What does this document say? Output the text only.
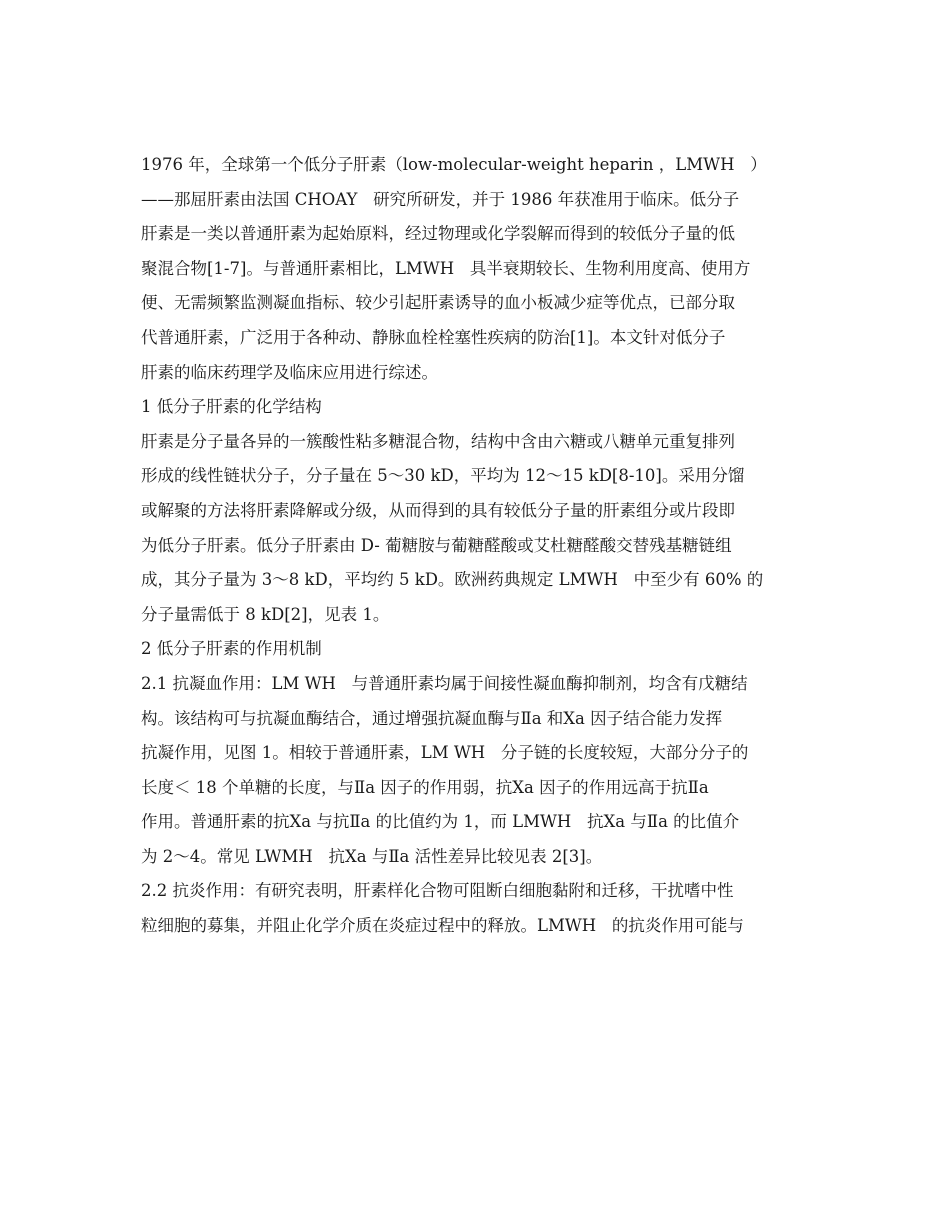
1976 年，全球第一个低分子肝素（low-molecular-weight heparin ，LMWH   ）
——那屈肝素由法国 CHOAY   研究所研发，并于 1986 年获准用于临床。低分子
肝素是一类以普通肝素为起始原料，经过物理或化学裂解而得到的较低分子量的低
聚混合物[1-7]。与普通肝素相比，LMWH   具半衰期较长、生物利用度高、使用方
便、无需频繁监测凝血指标、较少引起肝素诱导的血小板减少症等优点，已部分取
代普通肝素，广泛用于各种动、静脉血栓栓塞性疾病的防治[1]。本文针对低分子
肝素的临床药理学及临床应用进行综述。
1 低分子肝素的化学结构
肝素是分子量各异的一簇酸性粘多糖混合物，结构中含由六糖或八糖单元重复排列
形成的线性链状分子，分子量在 5～30 kD，平均为 12～15 kD[8-10]。采用分馏
或解聚的方法将肝素降解或分级，从而得到的具有较低分子量的肝素组分或片段即
为低分子肝素。低分子肝素由 D- 葡糖胺与葡糖醛酸或艾杜糖醛酸交替残基糖链组
成，其分子量为 3～8 kD，平均约 5 kD。欧洲药典规定 LMWH   中至少有 60% 的
分子量需低于 8 kD[2]，见表 1。
2 低分子肝素的作用机制
2.1 抗凝血作用：LM WH   与普通肝素均属于间接性凝血酶抑制剂，均含有戊糖结
构。该结构可与抗凝血酶结合，通过增强抗凝血酶与Ⅱa 和Ⅹa 因子结合能力发挥
抗凝作用，见图 1。相较于普通肝素，LM WH   分子链的长度较短，大部分分子的
长度＜ 18 个单糖的长度，与Ⅱa 因子的作用弱，抗Ⅹa 因子的作用远高于抗Ⅱa
作用。普通肝素的抗Ⅹa 与抗Ⅱa 的比值约为 1，而 LMWH   抗Ⅹa 与Ⅱa 的比值介
为 2～4。常见 LWMH   抗Ⅹa 与Ⅱa 活性差异比较见表 2[3]。
2.2 抗炎作用：有研究表明，肝素样化合物可阻断白细胞黏附和迁移，干扰嗜中性
粒细胞的募集，并阻止化学介质在炎症过程中的释放。LMWH   的抗炎作用可能与
